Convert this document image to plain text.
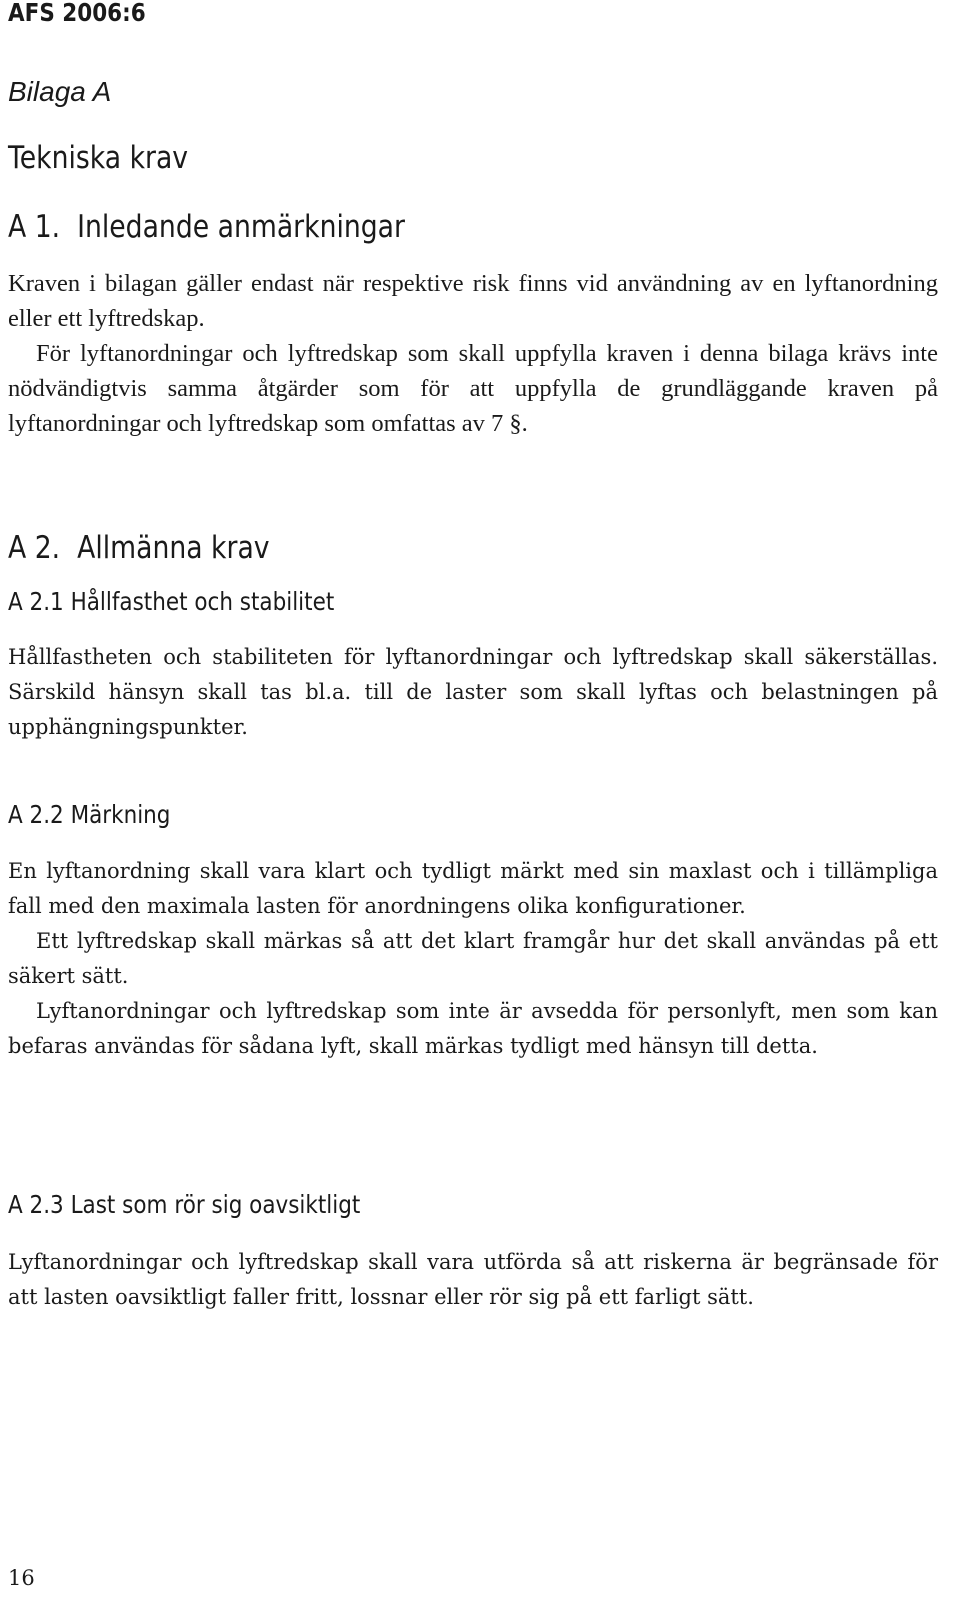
AFS 2006:6
Bilaga A
Tekniska krav
A 1.  Inledande anmärkningar

Kraven i bilagan gäller endast när respektive risk finns vid användning av en lyftanordning eller ett lyftredskap.

För lyftanordningar och lyftredskap som skall uppfylla kraven i denna bilaga krävs inte nödvändigtvis samma åtgärder som för att uppfylla de grundläggande kraven på lyftanordningar och lyftredskap som omfattas av 7 §.

A 2.  Allmänna krav
A 2.1 Hållfasthet och stabilitet

Hållfastheten och stabiliteten för lyftanordningar och lyftredskap skall säkerställas. Särskild hänsyn skall tas bl.a. till de laster som skall lyftas och belastningen på upphängningspunkter.

A 2.2 Märkning

En lyftanordning skall vara klart och tydligt märkt med sin maxlast och i tillämpliga fall med den maximala lasten för anordningens olika konfigurationer.

Ett lyftredskap skall märkas så att det klart framgår hur det skall användas på ett säkert sätt.

Lyftanordningar och lyftredskap som inte är avsedda för personlyft, men som kan befaras användas för sådana lyft, skall märkas tydligt med hänsyn till detta.

A 2.3 Last som rör sig oavsiktligt

Lyftanordningar och lyftredskap skall vara utförda så att riskerna är begränsade för att lasten oavsiktligt faller fritt, lossnar eller rör sig på ett farligt sätt.

16
